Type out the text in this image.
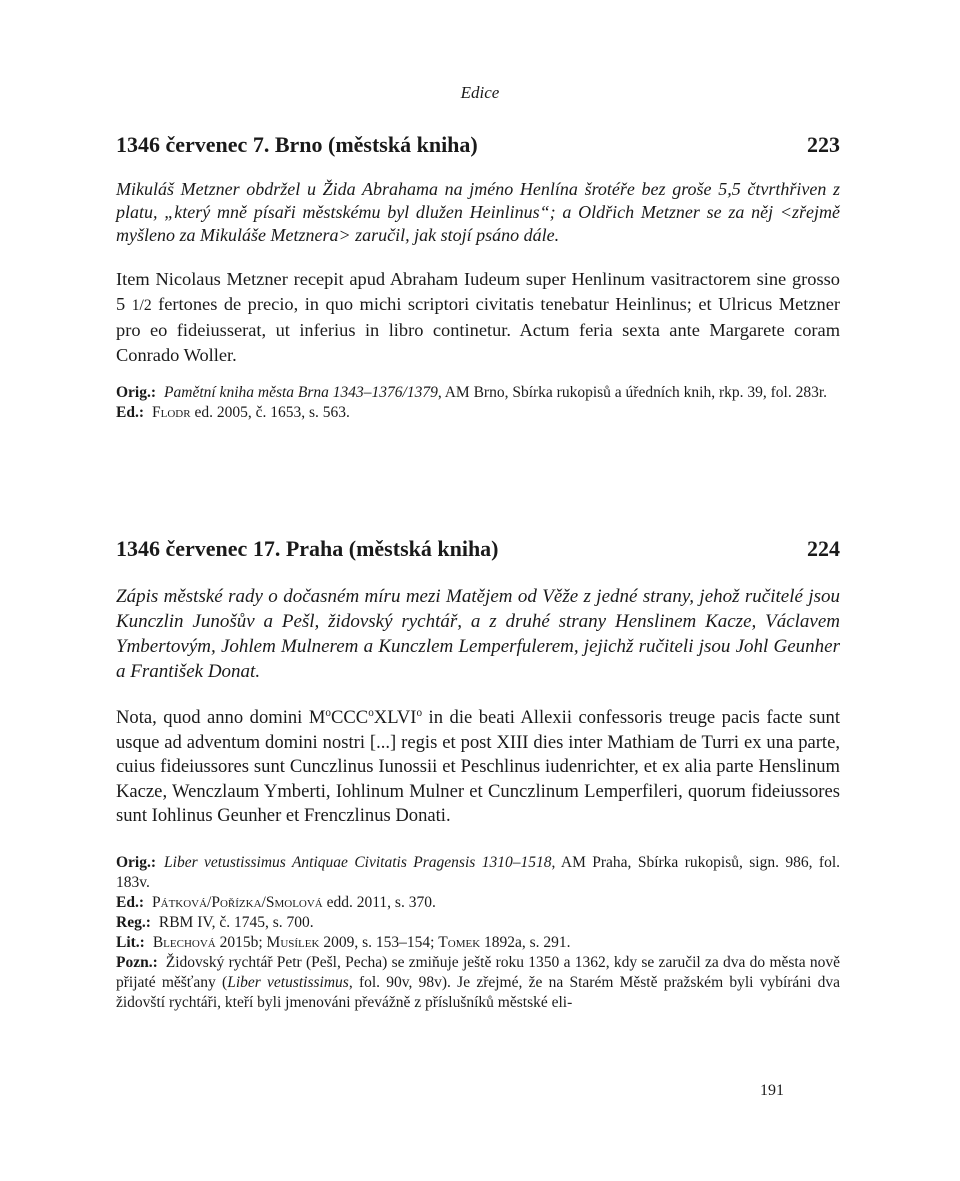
Edice
1346 červenec 7. Brno (městská kniha)	223
Mikuláš Metzner obdržel u Žida Abrahama na jméno Henlína šrotéře bez groše 5,5 čtvrthřiven z platu, „který mně písaři městskému byl dlužen Heinlinus“; a Oldřich Metzner se za něj <zřejmě myšleno za Mikuláše Metznera> zaručil, jak stojí psáno dále.
Item Nicolaus Metzner recepit apud Abraham Iudeum super Henlinum vasitractorem sine grosso 5 1/2 fertones de precio, in quo michi scriptori civitatis tenebatur Heinlinus; et Ulricus Metzner pro eo fideiusserat, ut inferius in libro continetur. Actum feria sexta ante Margarete coram Conrado Woller.
Orig.: Pamětní kniha města Brna 1343–1376/1379, AM Brno, Sbírka rukopisů a úředních knih, rkp. 39, fol. 283r.
Ed.: Flodr ed. 2005, č. 1653, s. 563.
1346 červenec 17. Praha (městská kniha)	224
Zápis městské rady o dočasném míru mezi Matějem od Věže z jedné strany, jehož ručitelé jsou Kunczlin Junošův a Pešl, židovský rychtář, a z druhé strany Henslinem Kacze, Václavem Ymbertovým, Johlem Mulnerem a Kunczlem Lemperfulerem, jejichž ručiteli jsou Johl Geunher a František Donat.
Nota, quod anno domini $M^oCCC^oXLVI^o$ in die beati Allexii confessoris treuge pacis facte sunt usque ad adventum domini nostri [...] regis et post XIII dies inter Mathiam de Turri ex una parte, cuius fideiussores sunt Cunczlinus Iunossii et Peschlinus iudenrichter, et ex alia parte Henslinum Kacze, Wenczlaum Ymberti, Iohlinum Mulner et Cunczlinum Lemperfileri, quorum fideiussores sunt Iohlinus Geunher et Frenczlinus Donati.
Orig.: Liber vetustissimus Antiquae Civitatis Pragensis 1310–1518, AM Praha, Sbírka rukopisů, sign. 986, fol. 183v.
Ed.: Pátková/Pořízka/Smolová edd. 2011, s. 370.
Reg.: RBM IV, č. 1745, s. 700.
Lit.: Blechová 2015b; Musílek 2009, s. 153–154; Tomek 1892a, s. 291.
Pozn.: Židovský rychtář Petr (Pešl, Pecha) se zmiňuje ještě roku 1350 a 1362, kdy se zaručil za dva do města nově přijaté měšťany (Liber vetustissimus, fol. 90v, 98v). Je zřejmé, že na Starém Městě pražském byli vybíráni dva židovští rychtáři, kteří byli jmenováni převážně z příslušníků městské eli-
191
